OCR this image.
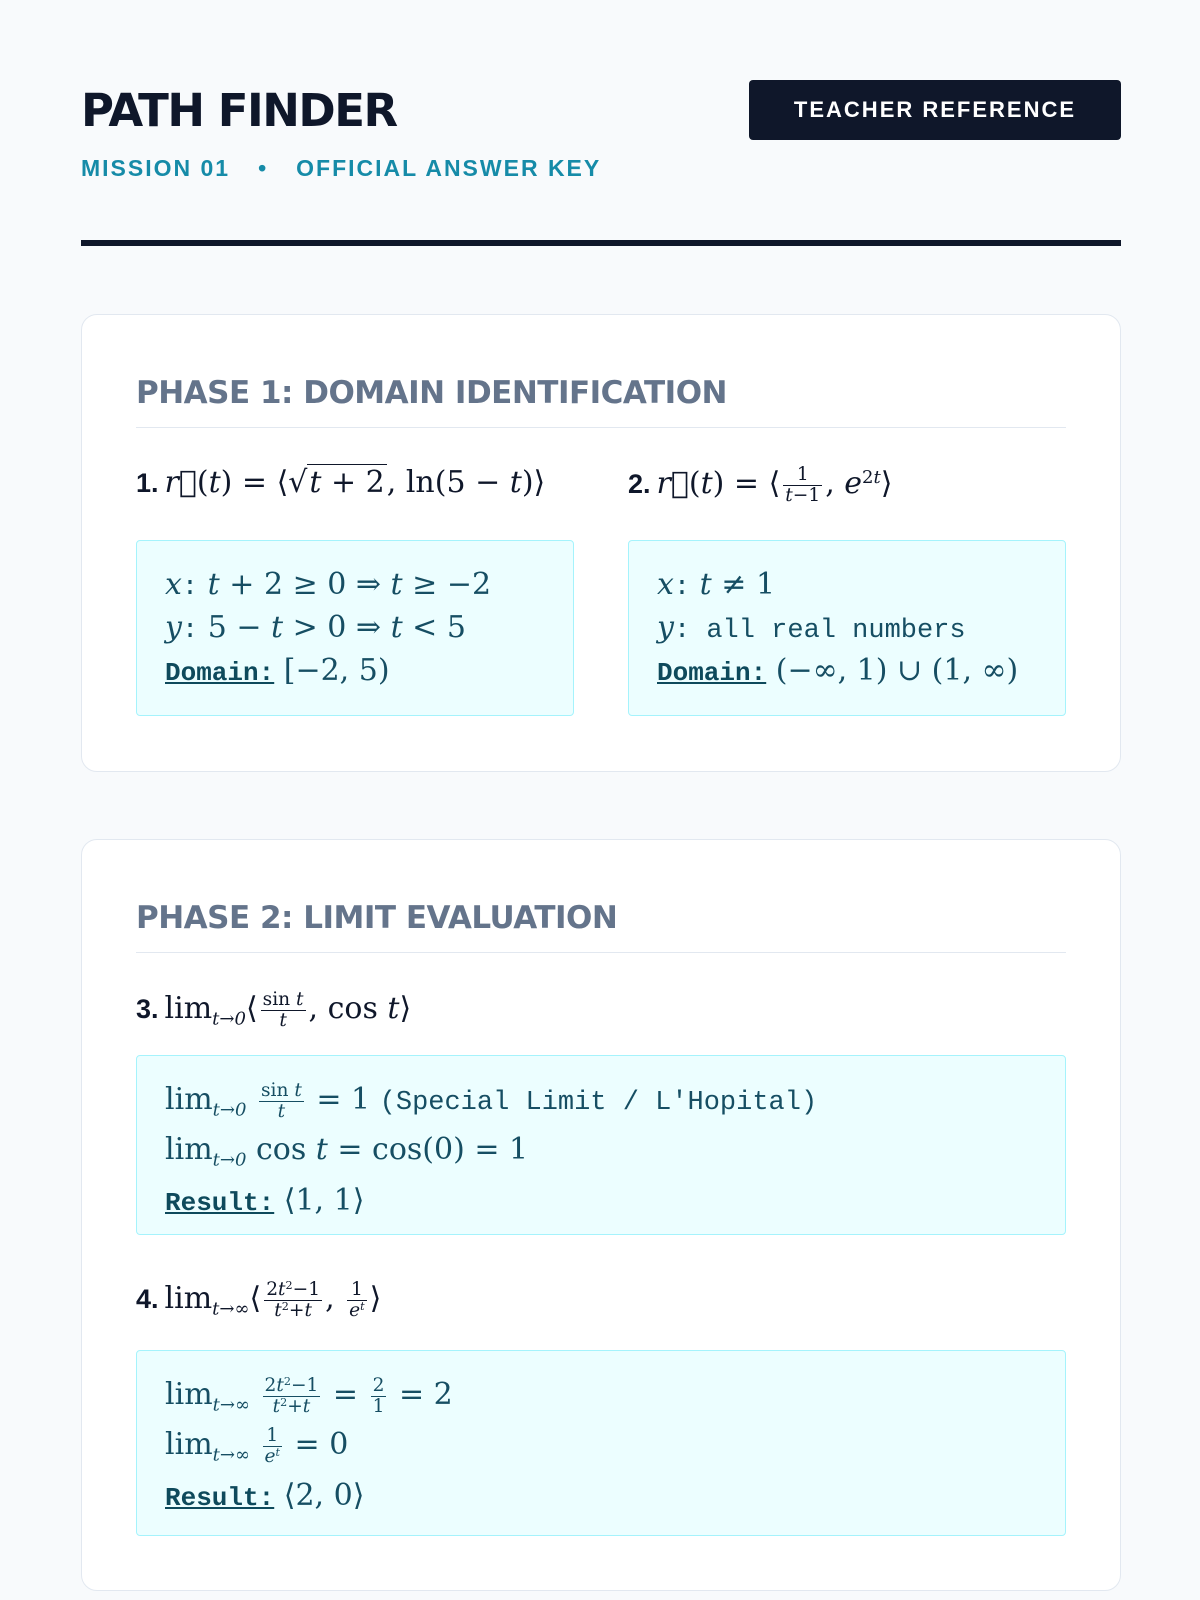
PATH FINDER
MISSION 01 • OFFICIAL ANSWER KEY
TEACHER REFERENCE
PHASE 1: DOMAIN IDENTIFICATION
1. r⃗(t) = ⟨√t + 2, ln(5 − t)⟩
x: t + 2 ≥ 0 ⇒ t ≥ −2
y: 5 − t > 0 ⇒ t < 5
Domain: [−2, 5)
2. r⃗(t) = ⟨ $\frac{1}{t-1}$ , $e^{2t}⟩$
x: t ≠ 1
y: all real numbers
Domain: (−∞, 1) ∪ (1, ∞)
PHASE 2: LIMIT EVALUATION
3. $\lim_{t\to 0}⟨ \frac{\text{sin t}}{t}$ , cos t⟩
$\lim_{t\to 0} \frac{\text{sin t}}{t} = 1$ (Special Limit / L'Hopital)
$\lim_{t\to 0} \cos t = \cos(0) = 1$
Result: ⟨1, 1⟩
4. $\lim_{t\to\infty}⟨ \frac{2t^2-1}{t^2+t}$ , $\frac{1}{e^t}$ ⟩
$\lim_{t\to\infty} \frac{2t^2-1}{t^2+t} = \frac{2}{1} = 2$
$\lim_{t\to\infty} \frac{1}{e^t} = 0$
Result: ⟨2, 0⟩
